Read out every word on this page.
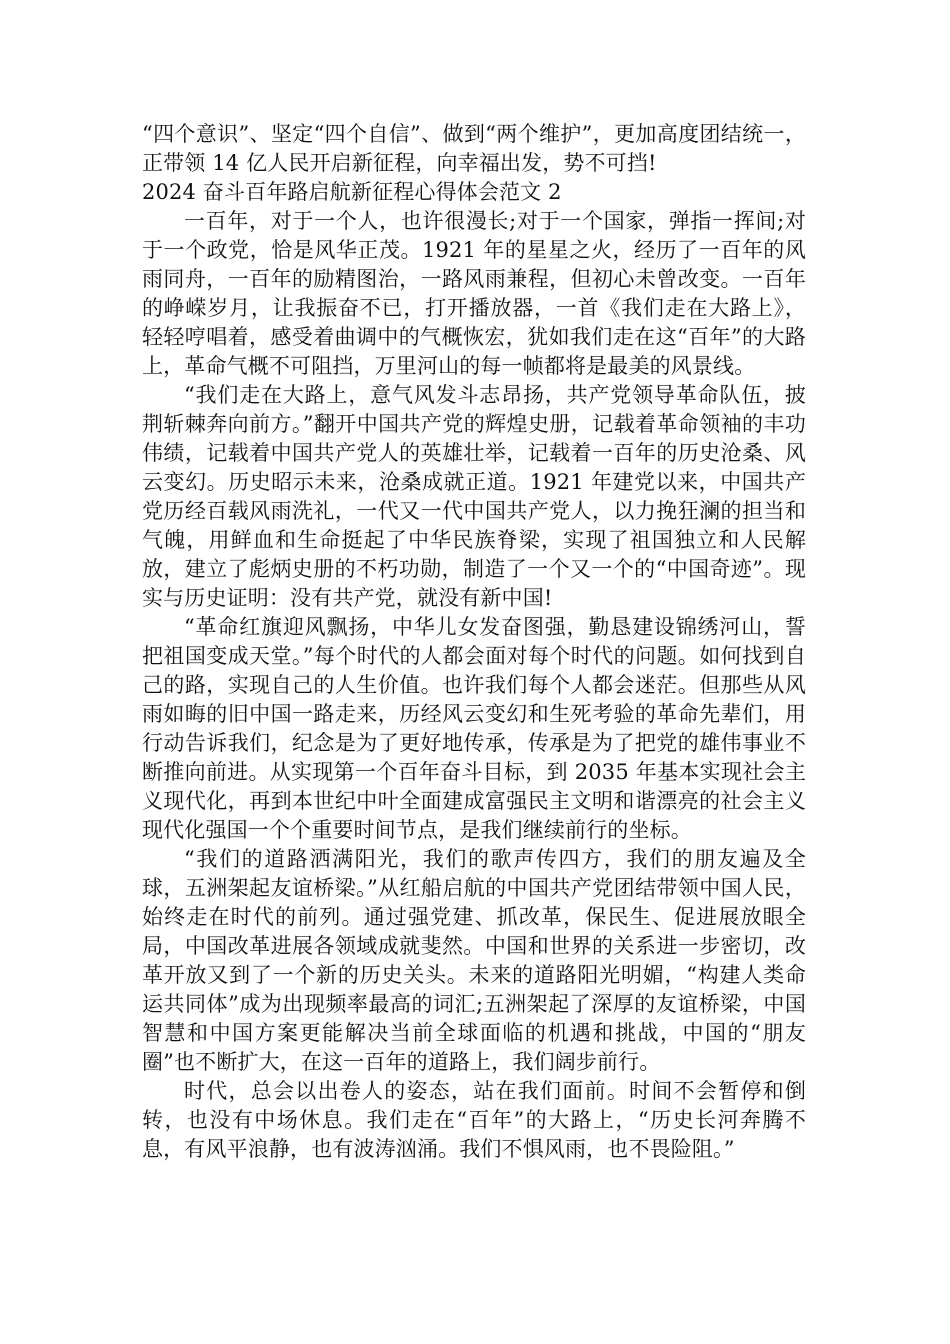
“四个意识”、坚定“四个自信”、做到“两个维护”，更加高度团结统一，正带领 14 亿人民开启新征程，向幸福出发，势不可挡!

2024 奋斗百年路启航新征程心得体会范文 2

一百年，对于一个人，也许很漫长;对于一个国家，弹指一挥间;对于一个政党，恰是风华正茂。1921 年的星星之火，经历了一百年的风雨同舟，一百年的励精图治，一路风雨兼程，但初心未曾改变。一百年的峥嵘岁月，让我振奋不已，打开播放器，一首《我们走在大路上》，轻轻哼唱着，感受着曲调中的气概恢宏，犹如我们走在这“百年”的大路上，革命气概不可阻挡，万里河山的每一帧都将是最美的风景线。

“我们走在大路上，意气风发斗志昂扬，共产党领导革命队伍，披荆斩棘奔向前方。”翻开中国共产党的辉煌史册，记载着革命领袖的丰功伟绩，记载着中国共产党人的英雄壮举，记载着一百年的历史沧桑、风云变幻。历史昭示未来，沧桑成就正道。1921 年建党以来，中国共产党历经百载风雨洗礼，一代又一代中国共产党人，以力挽狂澜的担当和气魄，用鲜血和生命挺起了中华民族脊梁，实现了祖国独立和人民解放，建立了彪炳史册的不朽功勋，制造了一个又一个的“中国奇迹”。现实与历史证明：没有共产党，就没有新中国!

“革命红旗迎风飘扬，中华儿女发奋图强，勤恳建设锦绣河山，誓把祖国变成天堂。”每个时代的人都会面对每个时代的问题。如何找到自己的路，实现自己的人生价值。也许我们每个人都会迷茫。但那些从风雨如晦的旧中国一路走来，历经风云变幻和生死考验的革命先辈们，用行动告诉我们，纪念是为了更好地传承，传承是为了把党的雄伟事业不断推向前进。从实现第一个百年奋斗目标，到 2035 年基本实现社会主义现代化，再到本世纪中叶全面建成富强民主文明和谐漂亮的社会主义现代化强国一个个重要时间节点，是我们继续前行的坐标。

“我们的道路洒满阳光，我们的歌声传四方，我们的朋友遍及全球，五洲架起友谊桥梁。”从红船启航的中国共产党团结带领中国人民，始终走在时代的前列。通过强党建、抓改革，保民生、促进展放眼全局，中国改革进展各领域成就斐然。中国和世界的关系进一步密切，改革开放又到了一个新的历史关头。未来的道路阳光明媚，“构建人类命运共同体”成为出现频率最高的词汇;五洲架起了深厚的友谊桥梁，中国智慧和中国方案更能解决当前全球面临的机遇和挑战，中国的“朋友圈”也不断扩大，在这一百年的道路上，我们阔步前行。

时代，总会以出卷人的姿态，站在我们面前。时间不会暂停和倒转，也没有中场休息。我们走在“百年”的大路上，“历史长河奔腾不息，有风平浪静，也有波涛汹涌。我们不惧风雨，也不畏险阻。”
